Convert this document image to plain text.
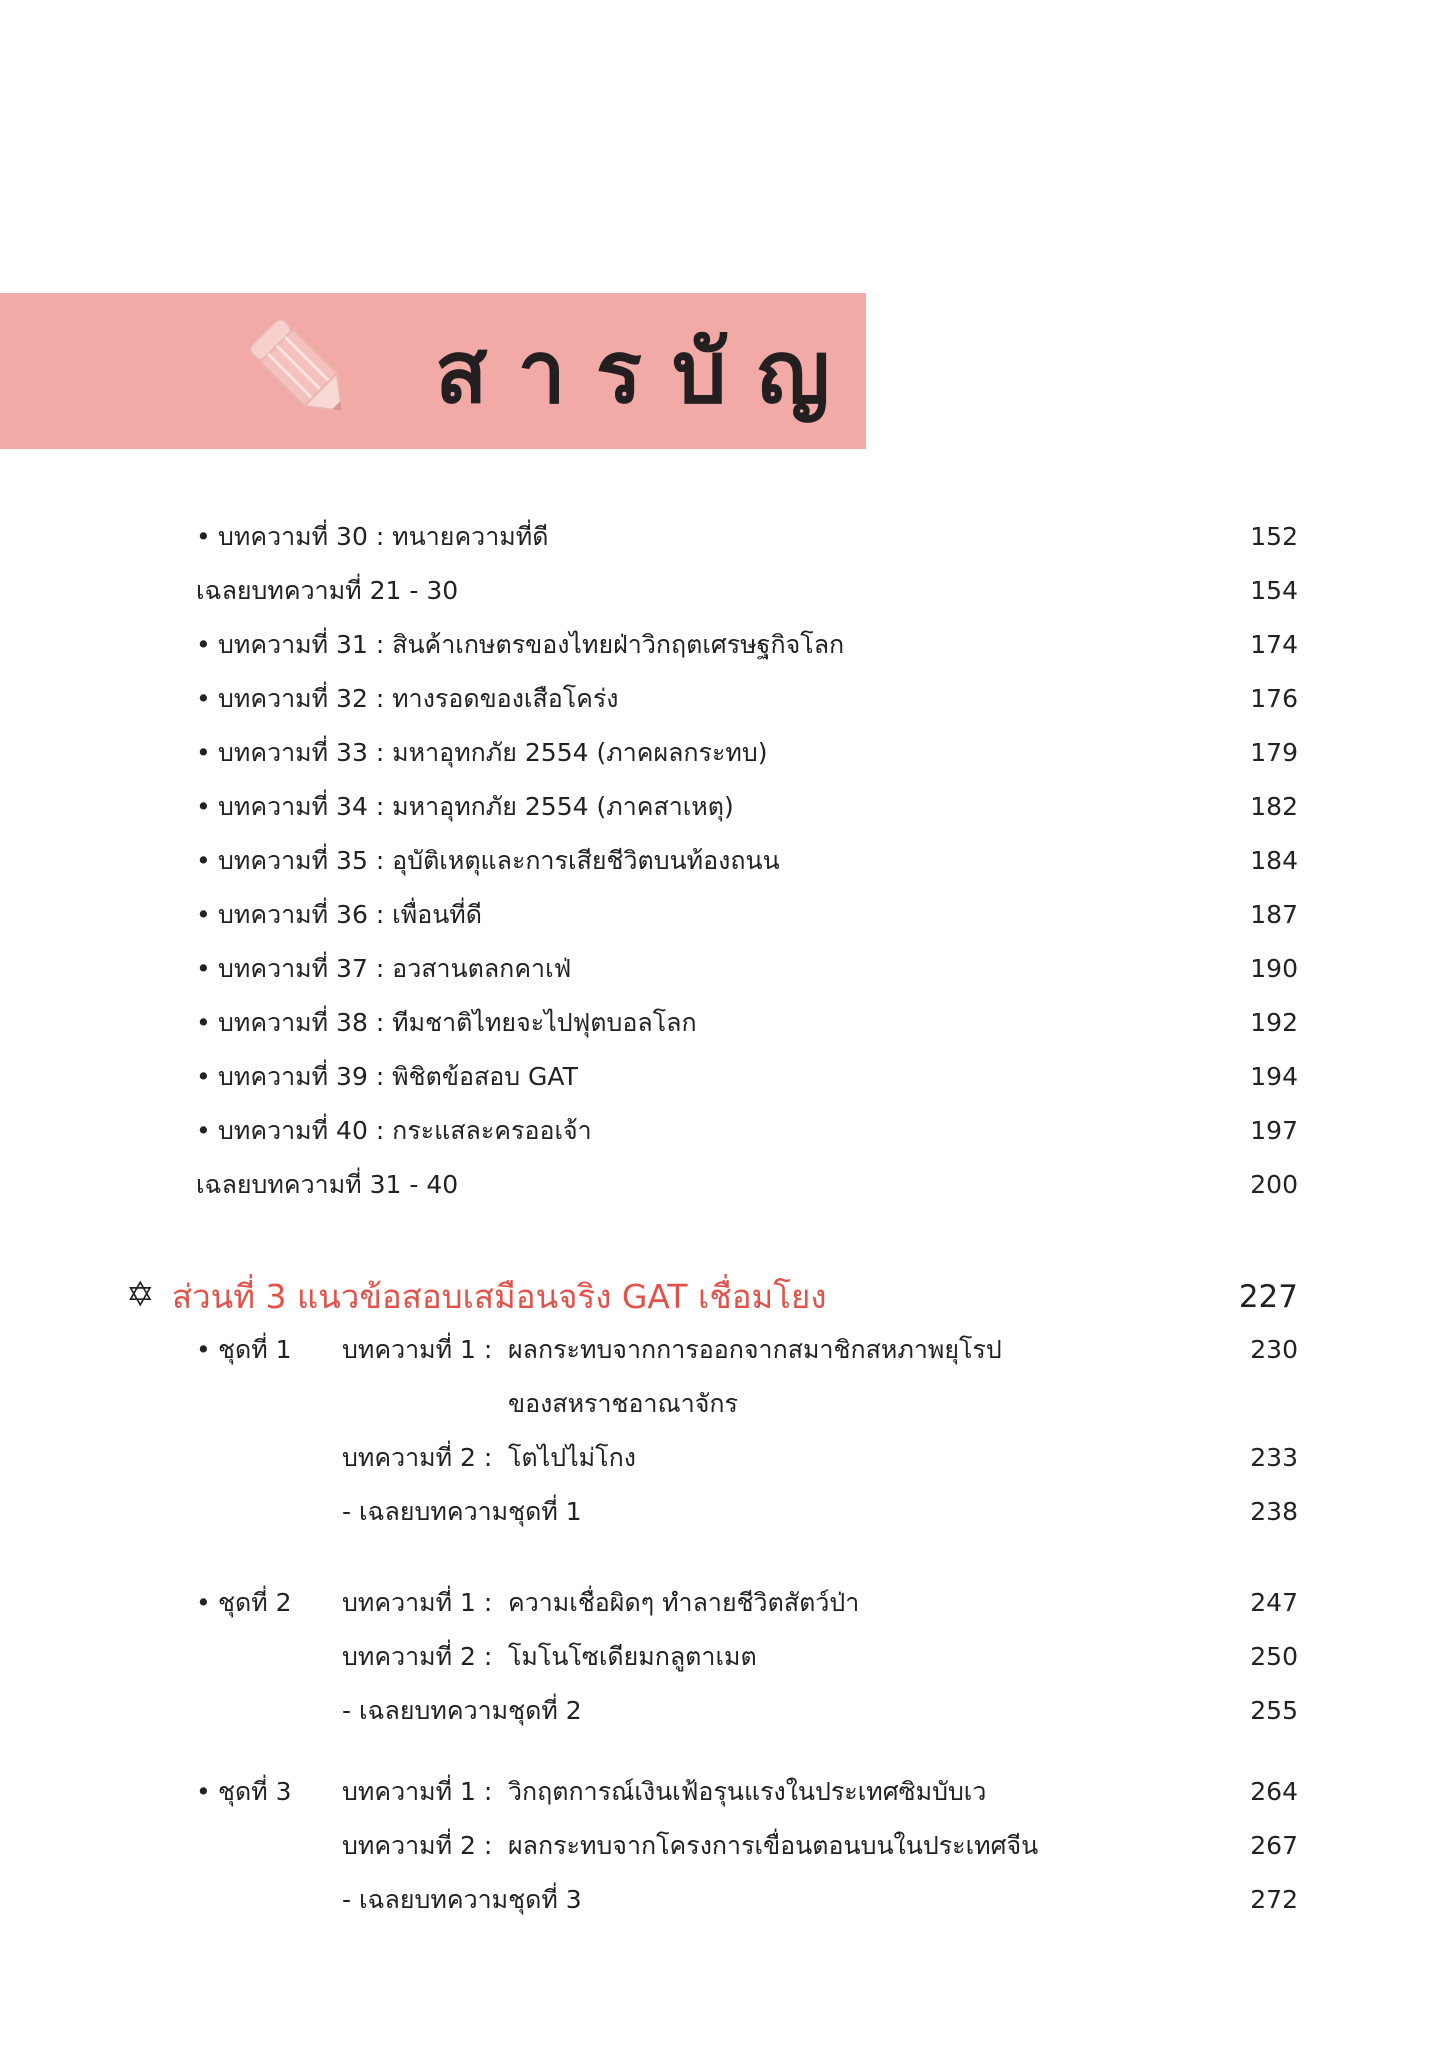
สารบัญ
• บทความที่ 30 : ทนายความที่ดี	152
เฉลยบทความที่ 21 - 30	154
• บทความที่ 31 : สินค้าเกษตรของไทยฝ่าวิกฤตเศรษฐกิจโลก	174
• บทความที่ 32 : ทางรอดของเสือโคร่ง	176
• บทความที่ 33 : มหาอุทกภัย 2554 (ภาคผลกระทบ)	179
• บทความที่ 34 : มหาอุทกภัย 2554 (ภาคสาเหตุ)	182
• บทความที่ 35 : อุบัติเหตุและการเสียชีวิตบนท้องถนน	184
• บทความที่ 36 : เพื่อนที่ดี	187
• บทความที่ 37 : อวสานตลกคาเฟ่	190
• บทความที่ 38 : ทีมชาติไทยจะไปฟุตบอลโลก	192
• บทความที่ 39 : พิชิตข้อสอบ GAT	194
• บทความที่ 40 : กระแสละครออเจ้า	197
เฉลยบทความที่ 31 - 40	200
✡ ส่วนที่ 3 แนวข้อสอบเสมือนจริง GAT เชื่อมโยง	227
• ชุดที่ 1 บทความที่ 1 : ผลกระทบจากการออกจากสมาชิกสหภาพยุโรป	230
ของสหราชอาณาจักร
บทความที่ 2 : โตไปไม่โกง	233
- เฉลยบทความชุดที่ 1	238
• ชุดที่ 2 บทความที่ 1 : ความเชื่อผิดๆ ทำลายชีวิตสัตว์ป่า	247
บทความที่ 2 : โมโนโซเดียมกลูตาเมต	250
- เฉลยบทความชุดที่ 2	255
• ชุดที่ 3 บทความที่ 1 : วิกฤตการณ์เงินเฟ้อรุนแรงในประเทศซิมบับเว	264
บทความที่ 2 : ผลกระทบจากโครงการเขื่อนตอนบนในประเทศจีน	267
- เฉลยบทความชุดที่ 3	272
